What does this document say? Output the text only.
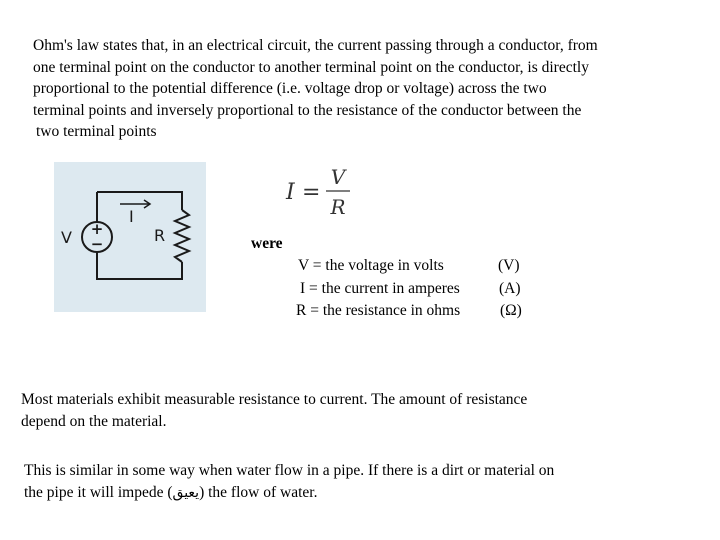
Ohm's law states that, in an electrical circuit, the current passing through a conductor, from
one terminal point on the conductor to another terminal point on the conductor, is directly
proportional to the potential difference (i.e. voltage drop or voltage) across the two
terminal points and inversely proportional to the resistance of the conductor between the
two terminal points
+
−
V
I
R
I =
V
R
were
V = the voltage in volts	(V)
I = the current in amperes	(A)
R = the resistance in ohms	(Ω)
Most materials exhibit measurable resistance to current. The amount of resistance
depend on the material.
This is similar in some way when water flow in a pipe. If there is a dirt or material on
the pipe it will impede (يعيق) the flow of water.
